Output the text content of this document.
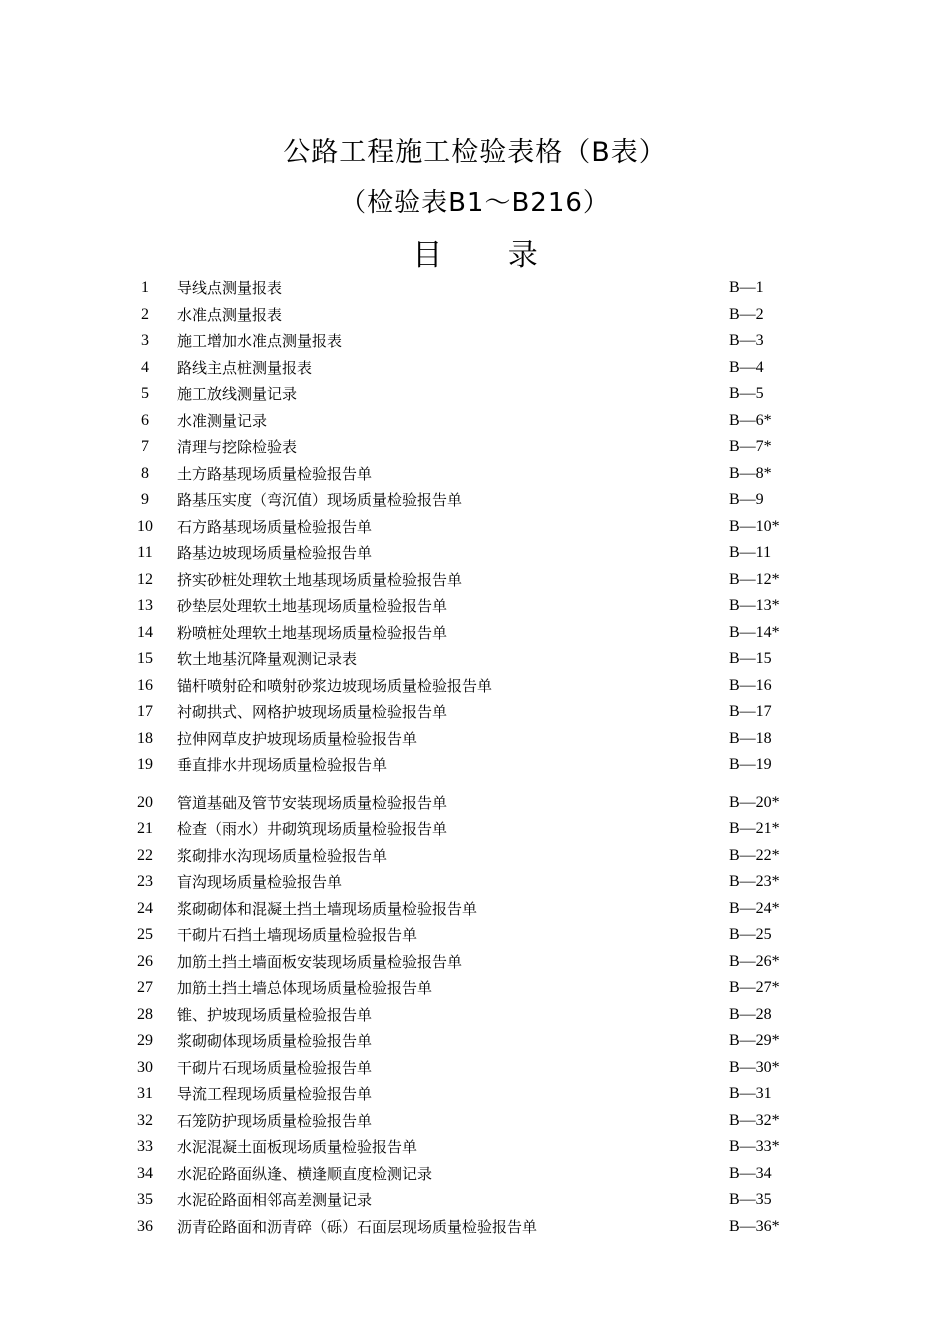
公路工程施工检验表格（B表）
（检验表B1～B216）
目 录
1	导线点测量报表	B—1
2	水准点测量报表	B—2
3	施工增加水准点测量报表	B—3
4	路线主点桩测量报表	B—4
5	施工放线测量记录	B—5
6	水准测量记录	B—6*
7	清理与挖除检验表	B—7*
8	土方路基现场质量检验报告单	B—8*
9	路基压实度（弯沉值）现场质量检验报告单	B—9
10	石方路基现场质量检验报告单	B—10*
11	路基边坡现场质量检验报告单	B—11
12	挤实砂桩处理软土地基现场质量检验报告单	B—12*
13	砂垫层处理软土地基现场质量检验报告单	B—13*
14	粉喷桩处理软土地基现场质量检验报告单	B—14*
15	软土地基沉降量观测记录表	B—15
16	锚杆喷射砼和喷射砂浆边坡现场质量检验报告单	B—16
17	衬砌拱式、网格护坡现场质量检验报告单	B—17
18	拉伸网草皮护坡现场质量检验报告单	B—18
19	垂直排水井现场质量检验报告单	B—19
20	管道基础及管节安装现场质量检验报告单	B—20*
21	检查（雨水）井砌筑现场质量检验报告单	B—21*
22	浆砌排水沟现场质量检验报告单	B—22*
23	盲沟现场质量检验报告单	B—23*
24	浆砌砌体和混凝土挡土墙现场质量检验报告单	B—24*
25	干砌片石挡土墙现场质量检验报告单	B—25
26	加筋土挡土墙面板安装现场质量检验报告单	B—26*
27	加筋土挡土墙总体现场质量检验报告单	B—27*
28	锥、护坡现场质量检验报告单	B—28
29	浆砌砌体现场质量检验报告单	B—29*
30	干砌片石现场质量检验报告单	B—30*
31	导流工程现场质量检验报告单	B—31
32	石笼防护现场质量检验报告单	B—32*
33	水泥混凝土面板现场质量检验报告单	B—33*
34	水泥砼路面纵逢、横逢顺直度检测记录	B—34
35	水泥砼路面相邻高差测量记录	B—35
36	沥青砼路面和沥青碎（砾）石面层现场质量检验报告单	B—36*
